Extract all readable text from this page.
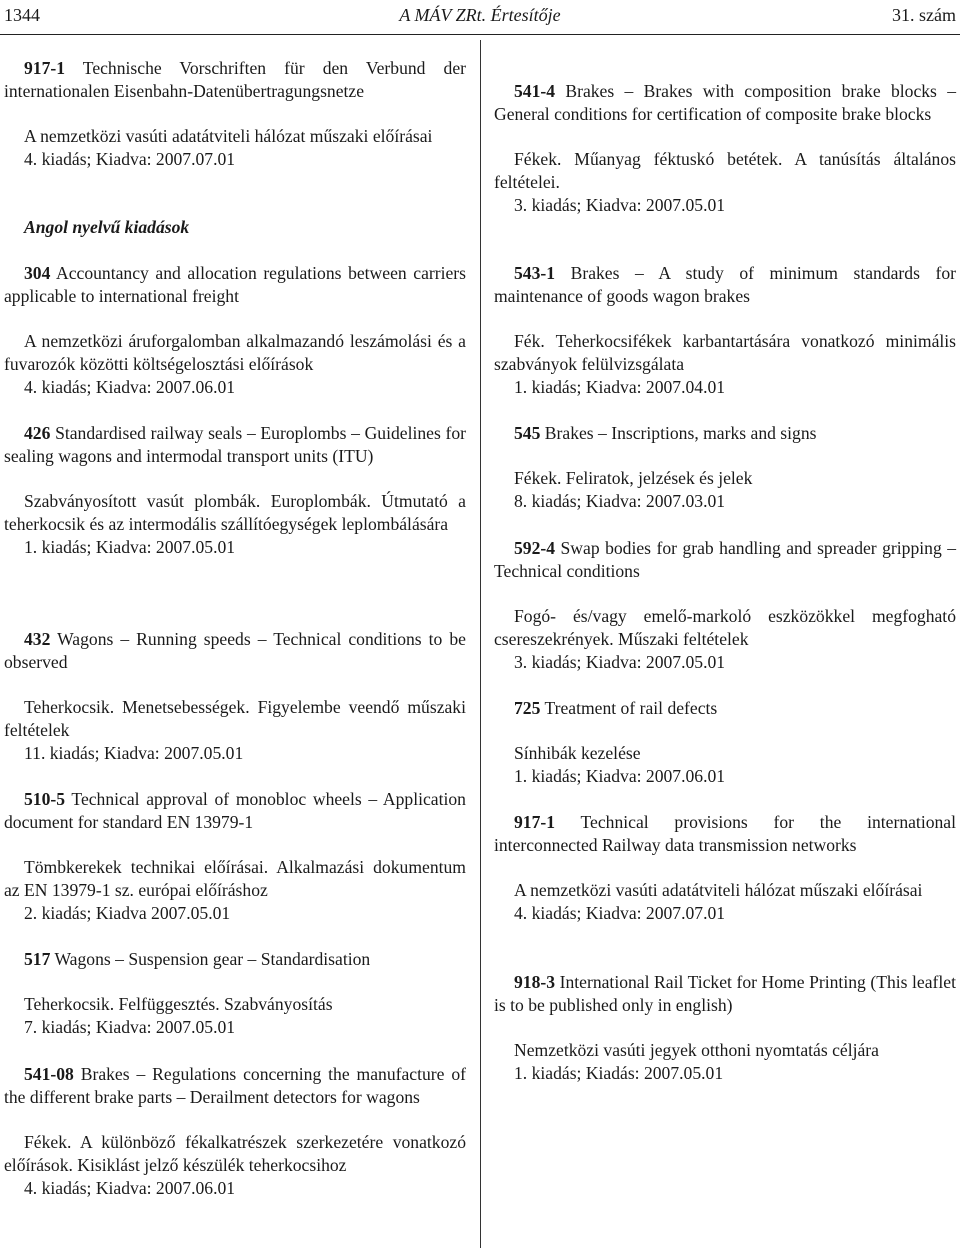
1344	A MÁV ZRt. Értesítője	31. szám

917-1 Technische Vorschriften für den Verbund der internationalen Eisenbahn-Datenübertragungsnetze

A nemzetközi vasúti adatátviteli hálózat műszaki előírásai

4. kiadás; Kiadva: 2007.07.01

Angol nyelvű kiadások

304 Accountancy and allocation regulations between carriers applicable to international freight

A nemzetközi áruforgalomban alkalmazandó leszámolási és a fuvarozók közötti költségelosztási előírások

4. kiadás; Kiadva: 2007.06.01

426 Standardised railway seals – Europlombs – Guidelines for sealing wagons and intermodal transport units (ITU)

Szabványosított vasút plombák. Europlombák. Útmutató a teherkocsik és az intermodális szállítóegységek leplombálására

1. kiadás; Kiadva: 2007.05.01

432 Wagons – Running speeds – Technical conditions to be observed

Teherkocsik. Menetsebességek. Figyelembe veendő műszaki feltételek

11. kiadás; Kiadva: 2007.05.01

510-5 Technical approval of monobloc wheels – Application document for standard EN 13979-1

Tömbkerekek technikai előírásai. Alkalmazási dokumentum az EN 13979-1 sz. európai előíráshoz

2. kiadás; Kiadva 2007.05.01

517 Wagons – Suspension gear – Standardisation

Teherkocsik. Felfüggesztés. Szabványosítás

7. kiadás; Kiadva: 2007.05.01

541-08 Brakes – Regulations concerning the manufacture of the different brake parts – Derailment detectors for wagons

Fékek. A különböző fékalkatrészek szerkezetére vonatkozó előírások. Kisiklást jelző készülék teherkocsihoz

4. kiadás; Kiadva: 2007.06.01

541-4 Brakes – Brakes with composition brake blocks – General conditions for certification of composite brake blocks

Fékek. Műanyag féktuskó betétek. A tanúsítás általános feltételei.

3. kiadás; Kiadva: 2007.05.01

543-1 Brakes – A study of minimum standards for maintenance of goods wagon brakes

Fék. Teherkocsifékek karbantartására vonatkozó minimális szabványok felülvizsgálata

1. kiadás; Kiadva: 2007.04.01

545 Brakes – Inscriptions, marks and signs

Fékek. Feliratok, jelzések és jelek

8. kiadás; Kiadva: 2007.03.01

592-4 Swap bodies for grab handling and spreader gripping – Technical conditions

Fogó- és/vagy emelő-markoló eszközökkel megfogható csereszekrények. Műszaki feltételek

3. kiadás; Kiadva: 2007.05.01

725 Treatment of rail defects

Sínhibák kezelése

1. kiadás; Kiadva: 2007.06.01

917-1 Technical provisions for the international interconnected Railway data transmission networks

A nemzetközi vasúti adatátviteli hálózat műszaki előírásai

4. kiadás; Kiadva: 2007.07.01

918-3 International Rail Ticket for Home Printing (This leaflet is to be published only in english)

Nemzetközi vasúti jegyek otthoni nyomtatás céljára

1. kiadás; Kiadás: 2007.05.01
